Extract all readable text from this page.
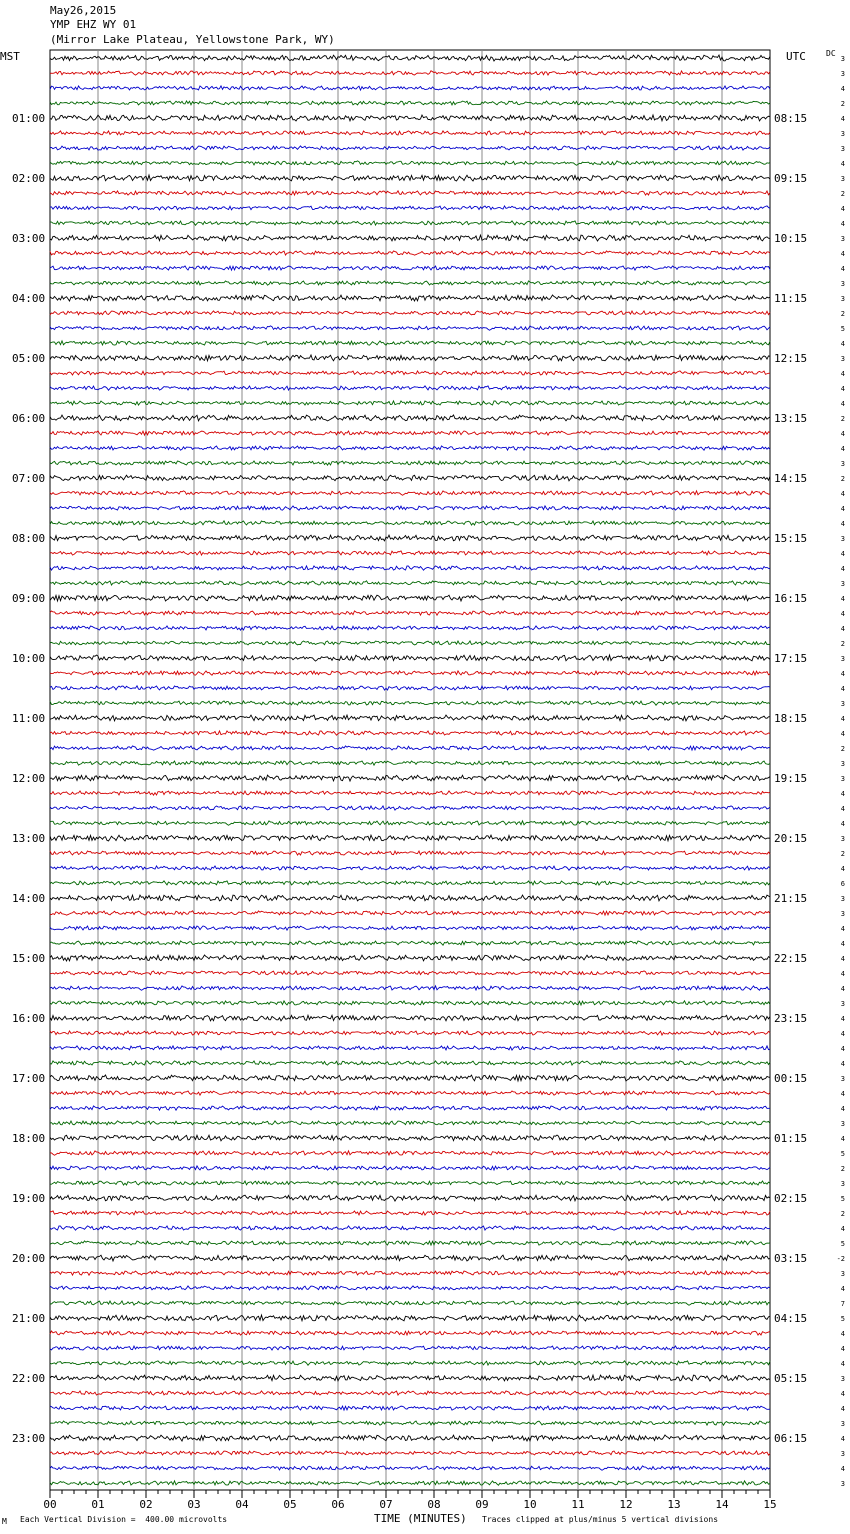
May26,2015
YMP EHZ WY 01
(Mirror Lake Plateau, Yellowstone Park, WY)
MST	UTC	DC
01:00
02:00
03:00
04:00
05:00
06:00
07:00
08:00
09:00
10:00
11:00
12:00
13:00
14:00
15:00
16:00
17:00
18:00
19:00
20:00
21:00
22:00
23:00
08:15
09:15
10:15
11:15
12:15
13:15
14:15
15:15
16:15
17:15
18:15
19:15
20:15
21:15
22:15
23:15
00:15
01:15
02:15
03:15
04:15
05:15
06:15
3
3
4
2
4
3
3
4
3
2
4
4
3
4
4
3
3
2
5
4
3
4
4
4
2
4
4
3
2
4
4
4
3
4
4
3
4
4
4
2
3
4
4
3
4
4
2
3
3
4
4
4
3
2
4
6
3
3
4
4
4
4
4
3
4
4
4
4
3
4
4
3
4
5
2
3
5
2
4
5
-2
3
4
7
5
4
4
4
3
4
4
3
4
3
4
3
00	01	02	03	04	05	06	07	08	09	10	11	12	13	14	15
M Each Vertical Division =  400.00 microvolts	TIME (MINUTES) Traces clipped at plus/minus 5 vertical divisions
